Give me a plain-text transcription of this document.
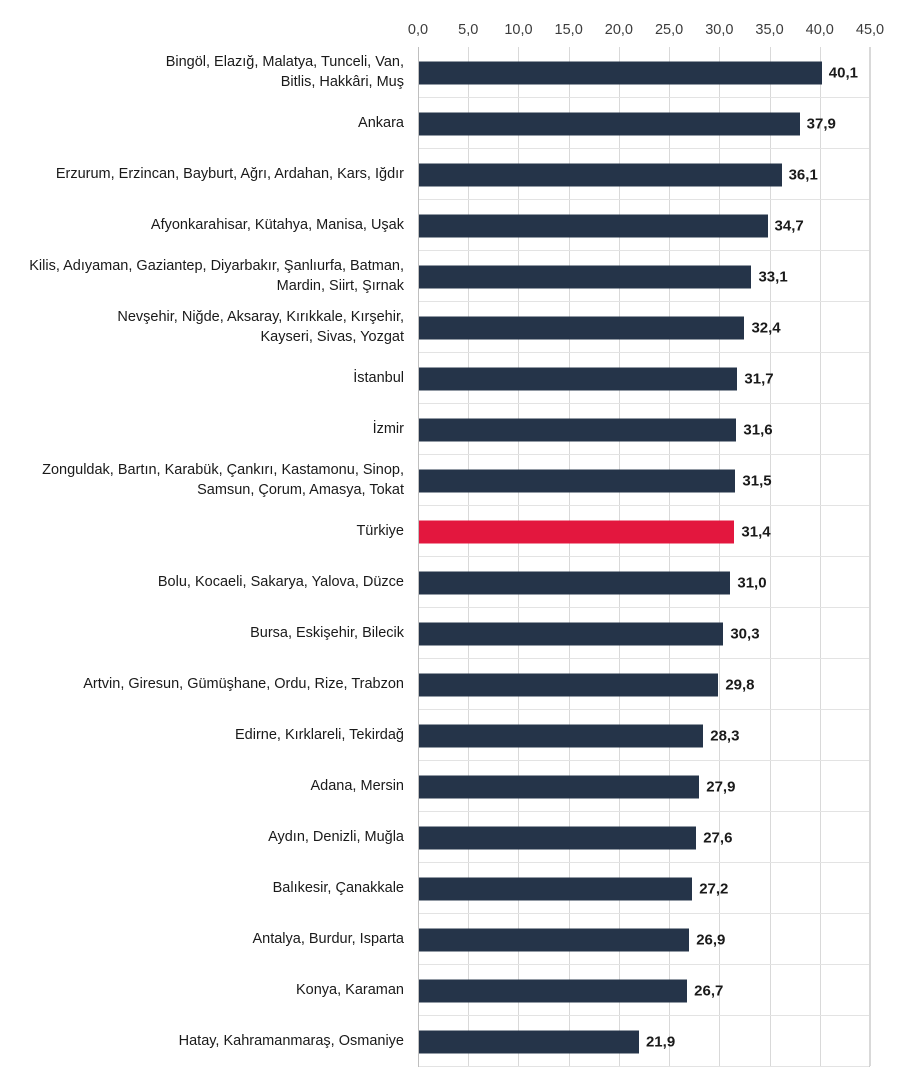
0,0 5,0 10,0 15,0 20,0 25,0 30,0 35,0 40,0 45,0
Bingöl, Elazığ, Malatya, Tunceli, Van,
Bitlis, Hakkâri, Muş
Ankara
Erzurum, Erzincan, Bayburt, Ağrı, Ardahan, Kars, Iğdır
Afyonkarahisar, Kütahya, Manisa, Uşak
Kilis, Adıyaman, Gaziantep, Diyarbakır, Şanlıurfa, Batman,
Mardin, Siirt, Şırnak
Nevşehir, Niğde, Aksaray, Kırıkkale, Kırşehir,
Kayseri, Sivas, Yozgat
İstanbul
İzmir
Zonguldak, Bartın, Karabük, Çankırı, Kastamonu, Sinop,
Samsun, Çorum, Amasya, Tokat
Türkiye
Bolu, Kocaeli, Sakarya, Yalova, Düzce
Bursa, Eskişehir, Bilecik
Artvin, Giresun, Gümüşhane, Ordu, Rize, Trabzon
Edirne, Kırklareli, Tekirdağ
Adana, Mersin
Aydın, Denizli, Muğla
Balıkesir, Çanakkale
Antalya, Burdur, Isparta
Konya, Karaman
Hatay, Kahramanmaraş, Osmaniye
40,1
37,9
36,1
34,7
33,1
32,4
31,7
31,6
31,5
31,4
31,0
30,3
29,8
28,3
27,9
27,6
27,2
26,9
26,7
21,9
